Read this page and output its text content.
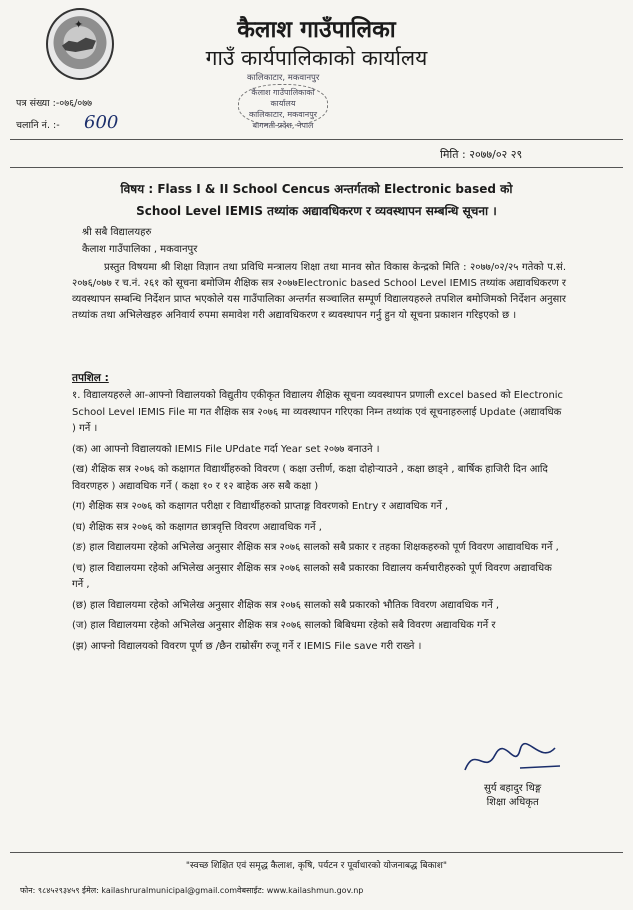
✦	कैलाश गाउँपालिका
गाउँ कार्यपालिकाको कार्यालय
कालिकाटार, मकवानपुर
कैलाश गाउँपालिकाको कार्यालय
कालिकाटार, मकवानपुर
बागमती प्रदेश, नेपाल
पत्र संख्या :-०७६/०७७
चलानि नं. :- 600
मिति : २०७७/०२ २९
विषय : Flass I & II School Cencus अन्तर्गतको Electronic based को
School Level IEMIS तथ्यांक अद्यावधिकरण र व्यवस्थापन सम्बन्धि सूचना ।
श्री सबै विद्यालयहरु
कैलाश गाउँपालिका , मकवानपुर
प्रस्तुत विषयमा श्री शिक्षा विज्ञान तथा प्रविधि मन्त्रालय शिक्षा तथा मानव स्रोत विकास केन्द्रको मिति : २०७७/०२/२५ गतेको प.सं. २०७६/०७७ र च.नं. २६१ को सूचना बमोजिम शैक्षिक सत्र २०७७Electronic based School Level IEMIS तथ्यांक अद्यावधिकरण र व्यवस्थापन सम्बन्धि निर्देशन प्राप्त भएकोले यस गाउँपालिका अन्तर्गत सञ्चालित सम्पूर्ण विद्यालयहरुले तपशिल बमोजिमको निर्देशन अनुसार तथ्यांक तथा अभिलेखहरु अनिवार्य रुपमा समावेश गरी अद्यावधिकरण र ब्यवस्थापन गर्नु हुन यो सूचना प्रकाशन गरिइएको छ ।
तपशिल :

१. विद्यालयहरुले आ-आफ्नो विद्यालयको विद्युतीय एकीकृत विद्यालय शैक्षिक सूचना व्यवस्थापन प्रणाली excel based को Electronic School Level IEMIS File मा गत शैक्षिक सत्र २०७६ मा व्यवस्थापन गरिएका निम्न तथ्यांक एवं सूचनाहरुलाई Update (अद्यावधिक ) गर्ने ।

(क) आ आफ्नो विद्यालयको IEMIS File UPdate गर्दा Year set २०७७ बनाउने ।

(ख) शैक्षिक सत्र २०७६ को कक्षागत विद्यार्थीहरुको विवरण ( कक्षा उत्तीर्ण, कक्षा दोहोऱ्याउने , कक्षा छाड्ने , बार्षिक हाजिरी दिन आदि विवरणहरु ) अद्यावधिक गर्ने ( कक्षा १० र १२ बाहेक अरु सबै कक्षा )

(ग) शैक्षिक सत्र २०७६ को कक्षागत परीक्षा र विद्यार्थीहरुको प्राप्ताङ्ग विवरणको Entry र अद्यावधिक गर्ने ,

(घ) शैक्षिक सत्र २०७६ को कक्षागत छात्रवृत्ति विवरण अद्यावधिक गर्ने ,

(ङ) हाल विद्यालयमा रहेको अभिलेख अनुसार शैक्षिक सत्र २०७६ सालको सबै प्रकार र तहका शिक्षकहरुको पूर्ण विवरण आद्यावधिक गर्ने ,

(च) हाल विद्यालयमा रहेको अभिलेख अनुसार शैक्षिक सत्र २०७६ सालको सबै प्रकारका विद्यालय कर्मचारीहरुको पूर्ण विवरण अद्यावधिक गर्ने ,

(छ) हाल विद्यालयमा रहेको अभिलेख अनुसार शैक्षिक सत्र २०७६ सालको सबै प्रकारको भौतिक विवरण अद्यावधिक गर्ने ,

(ज) हाल विद्यालयमा रहेको अभिलेख अनुसार शैक्षिक सत्र २०७६ सालको बिबिधमा रहेको सबै विवरण अद्यावधिक गर्ने र

(झ) आफ्नो विद्यालयको विवरण पूर्ण छ /छैन राम्रोसँग रुजू गर्ने र IEMIS File save गरी राख्ने ।

सुर्य बहादुर थिङ्ग
शिक्षा अधिकृत
"स्वच्छ शिक्षित एवं समृद्ध कैलाश, कृषि, पर्यटन र पूर्वाधारको योजनाबद्ध बिकाश"
फोन: ९८४५२९३४५९ ईमेल: kailashruralmunicipal@gmail.comवेबसाईट: www.kailashmun.gov.np
